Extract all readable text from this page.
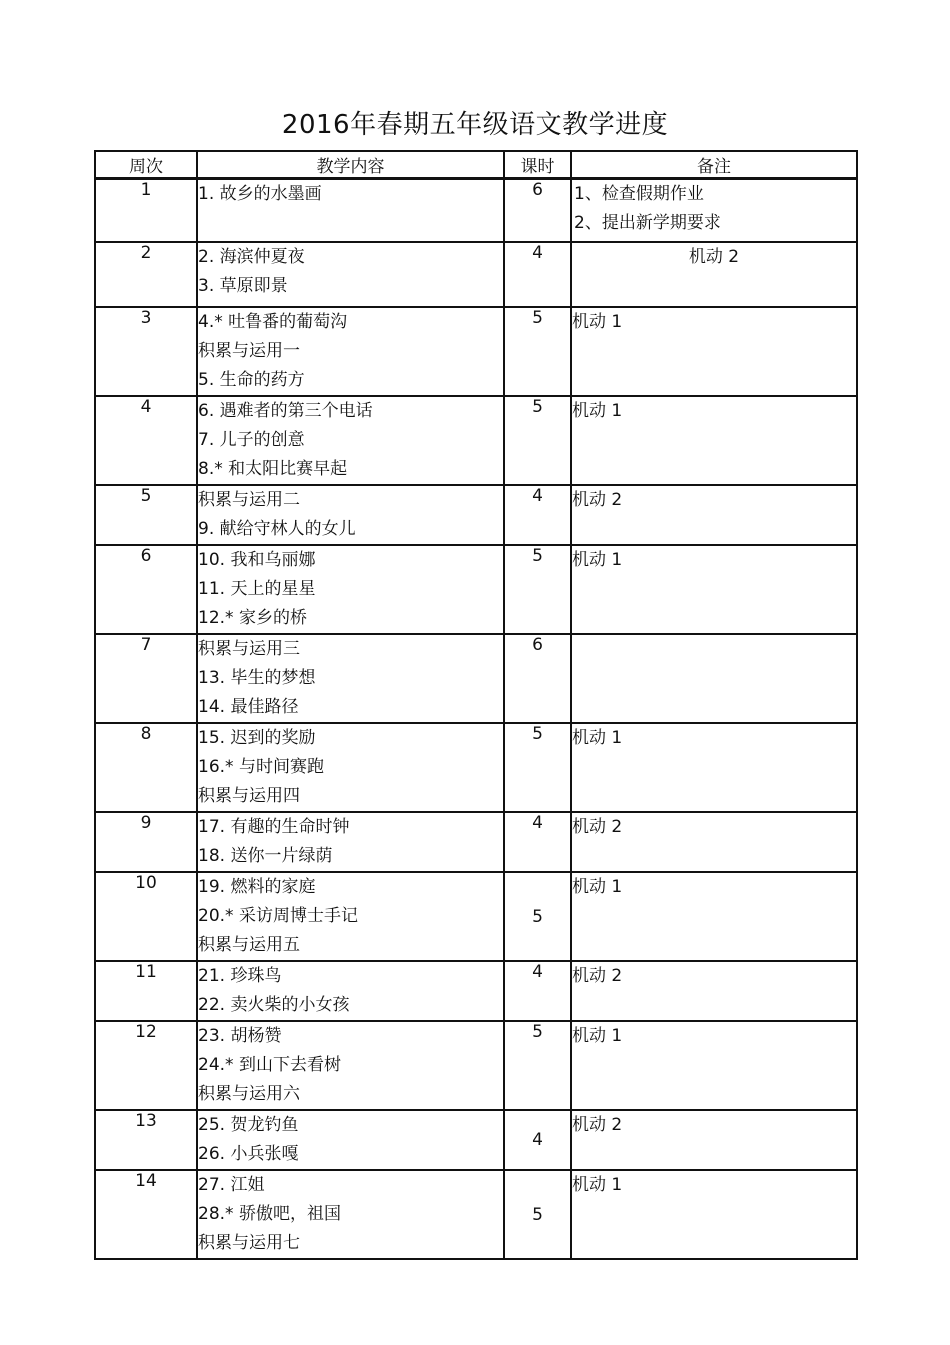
2016年春期五年级语文教学进度
周次	教学内容	课时	备注
1	1. 故乡的水墨画	6	1、检查假期作业
2、提出新学期要求

2	2. 海滨仲夏夜
3. 草原即景	4	机动 2

3	4.* 吐鲁番的葡萄沟
积累与运用一
5. 生命的药方	5	机动 1

4	6. 遇难者的第三个电话
7. 儿子的创意
8.* 和太阳比赛早起	5	机动 1

5	积累与运用二
9. 献给守林人的女儿	4	机动 2

6	10. 我和乌丽娜
11. 天上的星星
12.* 家乡的桥	5	机动 1

7	积累与运用三
13. 毕生的梦想
14. 最佳路径	6	
8	15. 迟到的奖励
16.* 与时间赛跑
积累与运用四	5	机动 1

9	17. 有趣的生命时钟
18. 送你一片绿荫	4	机动 2

10	19. 燃料的家庭
20.* 采访周博士手记
积累与运用五	5	机动 1

11	21. 珍珠鸟
22. 卖火柴的小女孩	4	机动 2

12	23. 胡杨赞
24.* 到山下去看树
积累与运用六	5	机动 1

13	25. 贺龙钓鱼
26. 小兵张嘎	4	机动 2

14	27. 江姐
28.* 骄傲吧，祖国
积累与运用七	5	机动 1
